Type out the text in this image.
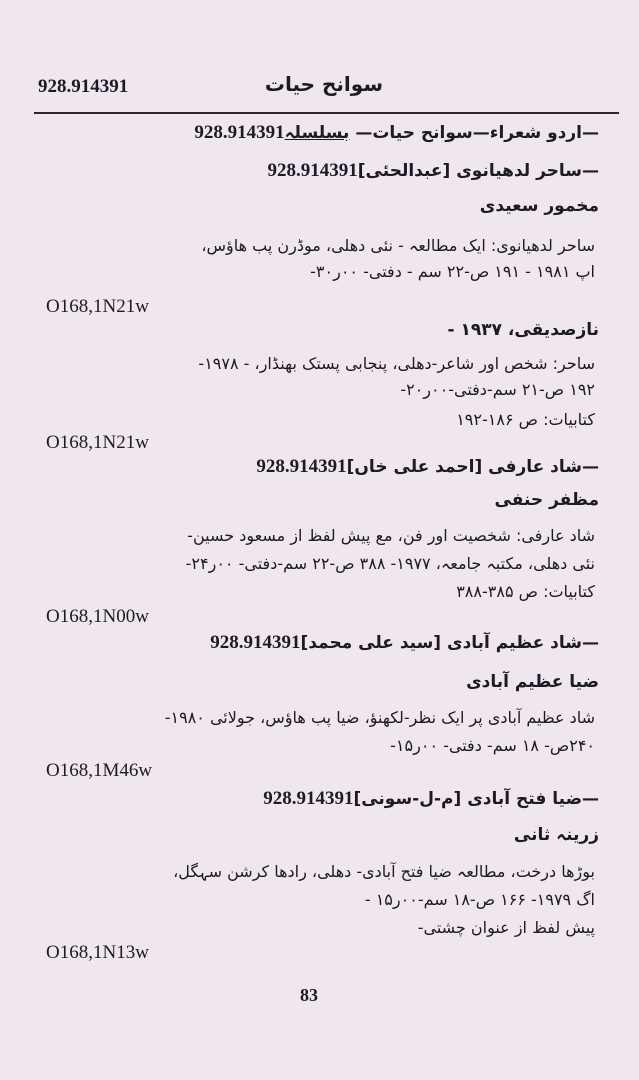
928.914391	سوانح حیات
928.914391	—اردو شعراء—سوانح حیات— بسلسلہ
928.914391—ساحر لدھیانوی [عبدالحئی]
مخمور سعیدی
ساحر لدھیانوی: ایک مطالعہ - نئی دھلی، موڈرن پب ھاؤس،
اپ ۱۹۸۱ - ۱۹۱ ص-۲۲ سم - دفتی- ۰۰ر۳۰-
O168,1N21w
نازصدیقی، ۱۹۳۷ -
ساحر: شخص اور شاعر-دھلی، پنجابی پستک بھنڈار، - ۱۹۷۸-
۱۹۲ ص-۲۱ سم-دفتی-۰۰ر۲۰-
کتابیات: ص ۱۸۶-۱۹۲
O168,1N21w
928.914391—شاد عارفی [احمد علی خاں]
مظفر حنفی
شاد عارفی: شخصیت اور فن، مع پیش لفظ از مسعود حسین-
نئی دھلی، مکتبہ جامعہ، ۱۹۷۷- ۳۸۸ ص-۲۲ سم-دفتی- ۰۰ر۲۴-
کتابیات: ص ۳۸۵-۳۸۸
O168,1N00w
928.914391—شاد عظیم آبادی [سید علی محمد]
ضیا عظیم آبادی
شاد عظیم آبادی پر ایک نظر-لکھنؤ، ضیا پب ھاؤس، جولائی ۱۹۸۰-
۲۴۰ص- ۱۸ سم- دفتی- ۰۰ر۱۵-
O168,1M46w
928.914391—ضیا فتح آبادی [م-ل-سونی]
زرینہ ثانی
بوڑھا درخت، مطالعہ ضیا فتح آبادی- دھلی، رادھا کرشن سہگل،
اگ ۱۹۷۹- ۱۶۶ ص-۱۸ سم-۰۰ر۱۵ -
پیش لفظ از عنوان چشتی-
O168,1N13w
83
